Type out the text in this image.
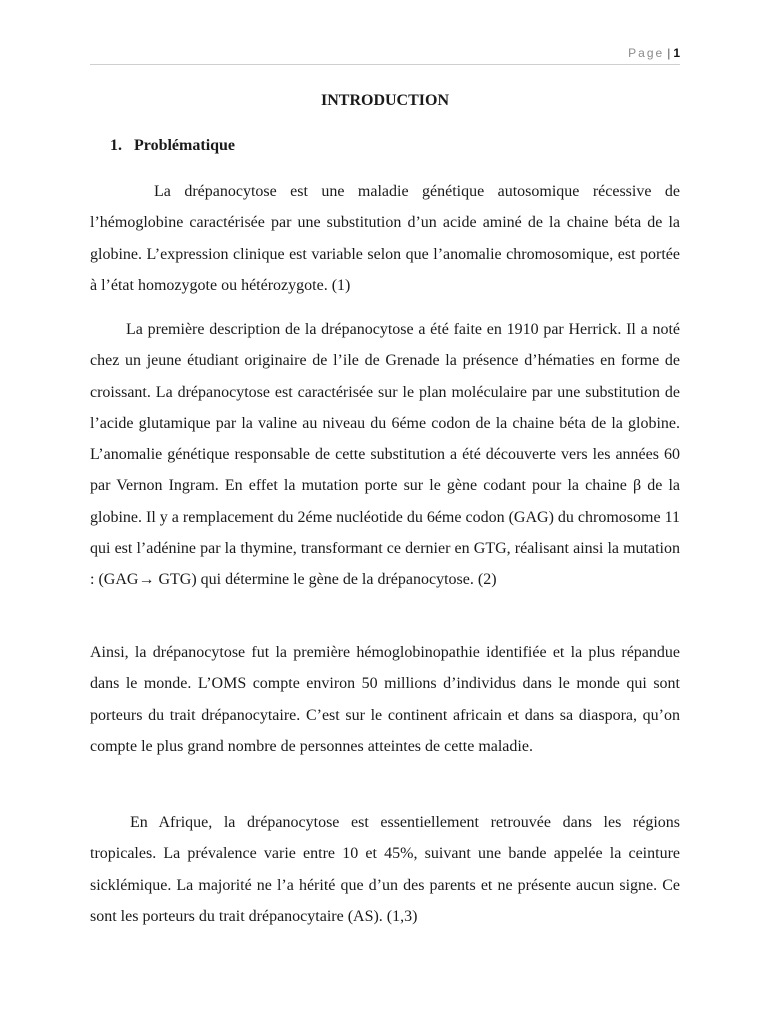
Page | 1
INTRODUCTION
1. Problématique

La drépanocytose est une maladie génétique autosomique récessive de l’hémoglobine caractérisée par une substitution d’un acide aminé de la chaine béta de la globine. L’expression clinique est variable selon que l’anomalie chromosomique, est portée à l’état homozygote ou hétérozygote. (1)

La première description de la drépanocytose a été faite en 1910 par Herrick. Il a noté chez un jeune étudiant originaire de l’ile de Grenade la présence d’hématies en forme de croissant. La drépanocytose est caractérisée sur le plan moléculaire par une substitution de l’acide glutamique par la valine au niveau du 6éme codon de la chaine béta de la globine. L’anomalie génétique responsable de cette substitution a été découverte vers les années 60 par Vernon Ingram. En effet la mutation porte sur le gène codant pour la chaine β de la globine. Il y a remplacement du 2éme nucléotide du 6éme codon (GAG) du chromosome 11 qui est l’adénine par la thymine, transformant ce dernier en GTG, réalisant ainsi la mutation : (GAG→ GTG) qui détermine le gène de la drépanocytose. (2)

Ainsi, la drépanocytose fut la première hémoglobinopathie identifiée et la plus répandue dans le monde. L’OMS compte environ 50 millions d’individus dans le monde qui sont porteurs du trait drépanocytaire. C’est sur le continent africain et dans sa diaspora, qu’on compte le plus grand nombre de personnes atteintes de cette maladie.

En Afrique, la drépanocytose est essentiellement retrouvée dans les régions tropicales. La prévalence varie entre 10 et 45%, suivant une bande appelée la ceinture sicklémique. La majorité ne l’a hérité que d’un des parents et ne présente aucun signe. Ce sont les porteurs du trait drépanocytaire (AS). (1,3)
